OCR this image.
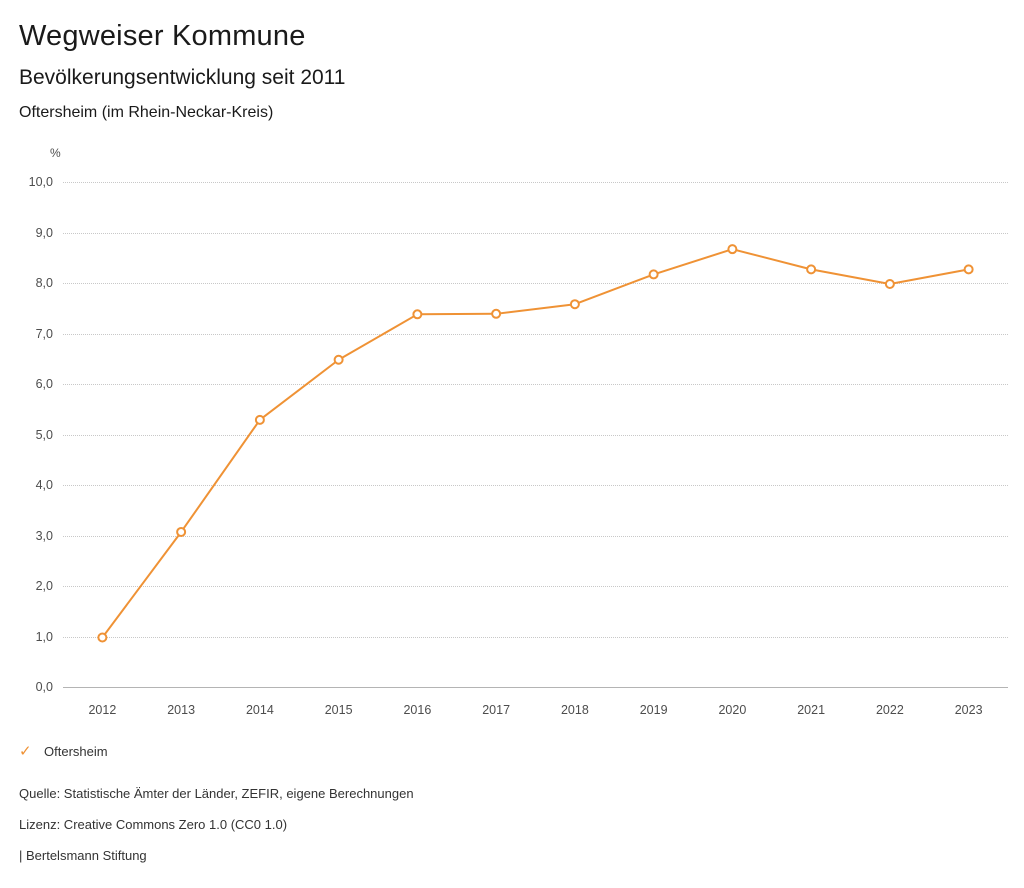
Wegweiser Kommune
Bevölkerungsentwicklung seit 2011
Oftersheim (im Rhein-Neckar-Kreis)
%
10,0
9,0
8,0
7,0
6,0
5,0
4,0
3,0
2,0
1,0
0,0
2012	2013	2014	2015	2016	2017	2018	2019	2020	2021	2022	2023
✓ Oftersheim
Quelle: Statistische Ämter der Länder, ZEFIR, eigene Berechnungen
Lizenz: Creative Commons Zero 1.0 (CC0 1.0)
| Bertelsmann Stiftung
